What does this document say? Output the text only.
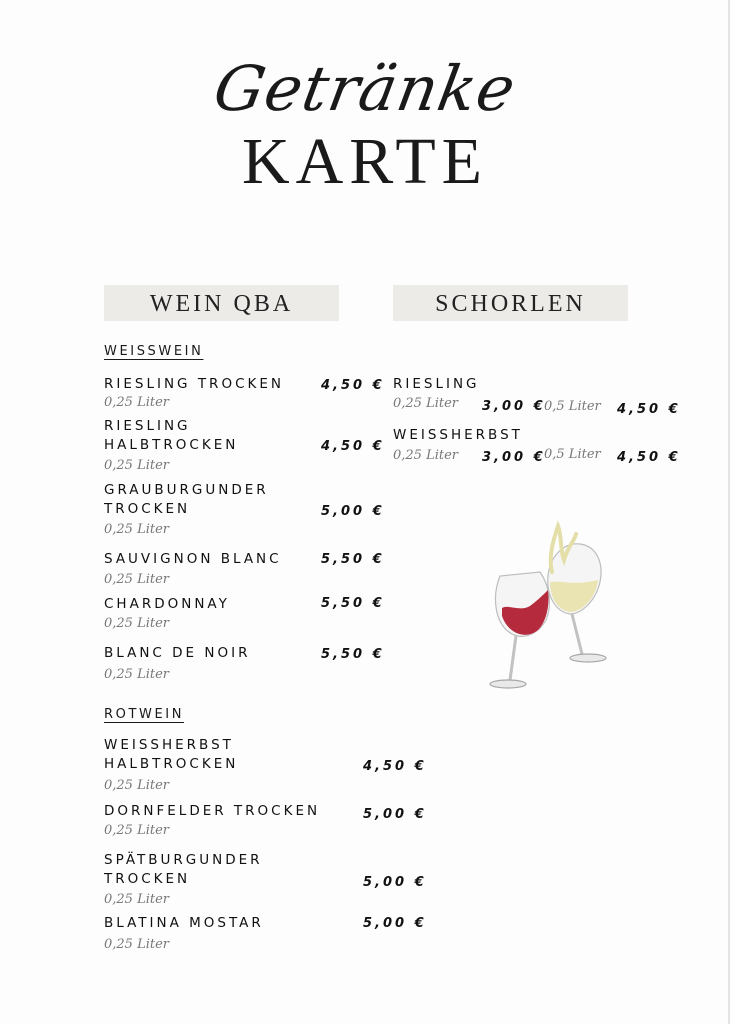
Getränke
KARTE
WEIN QBA	SCHORLEN
WEISSWEIN
RIESLING TROCKEN
0,25 Liter
4,50 €
RIESLING
HALBTROCKEN
0,25 Liter
4,50 €
GRAUBURGUNDER
TROCKEN
0,25 Liter
5,00 €
SAUVIGNON BLANC
0,25 Liter
5,50 €
CHARDONNAY
0,25 Liter
5,50 €
BLANC DE NOIR
0,25 Liter
5,50 €
ROTWEIN
WEISSHERBST
HALBTROCKEN
0,25 Liter
4,50 €
DORNFELDER TROCKEN
0,25 Liter
5,00 €
SPÄTBURGUNDER
TROCKEN
0,25 Liter
5,00 €
BLATINA MOSTAR
0,25 Liter
5,00 €
RIESLING
0,25 Liter 3,00 €
0,5 Liter 4,50 €
WEISSHERBST
0,25 Liter 3,00 €
0,5 Liter 4,50 €
